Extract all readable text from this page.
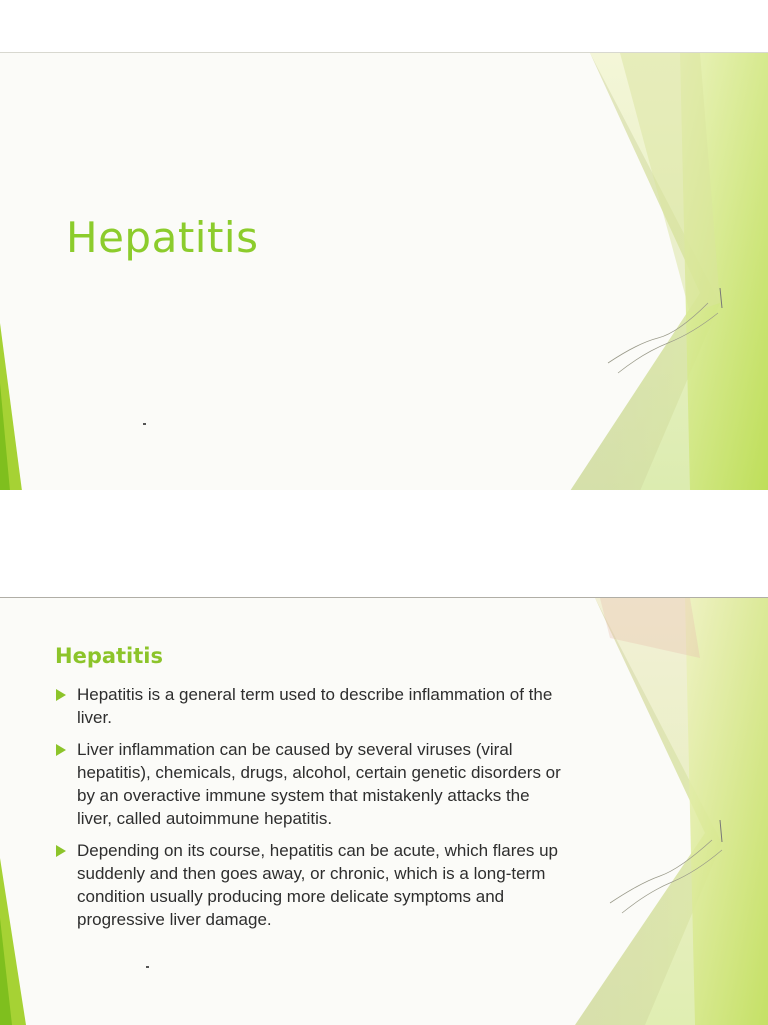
Hepatitis
Hepatitis
Hepatitis is a general term used to describe inflammation of the liver.
Liver inflammation can be caused by several viruses (viral hepatitis), chemicals, drugs, alcohol, certain genetic disorders or by an overactive immune system that mistakenly attacks the liver, called autoimmune hepatitis.
Depending on its course, hepatitis can be acute, which flares up suddenly and then goes away, or chronic, which is a long-term condition usually producing more delicate symptoms and progressive liver damage.
